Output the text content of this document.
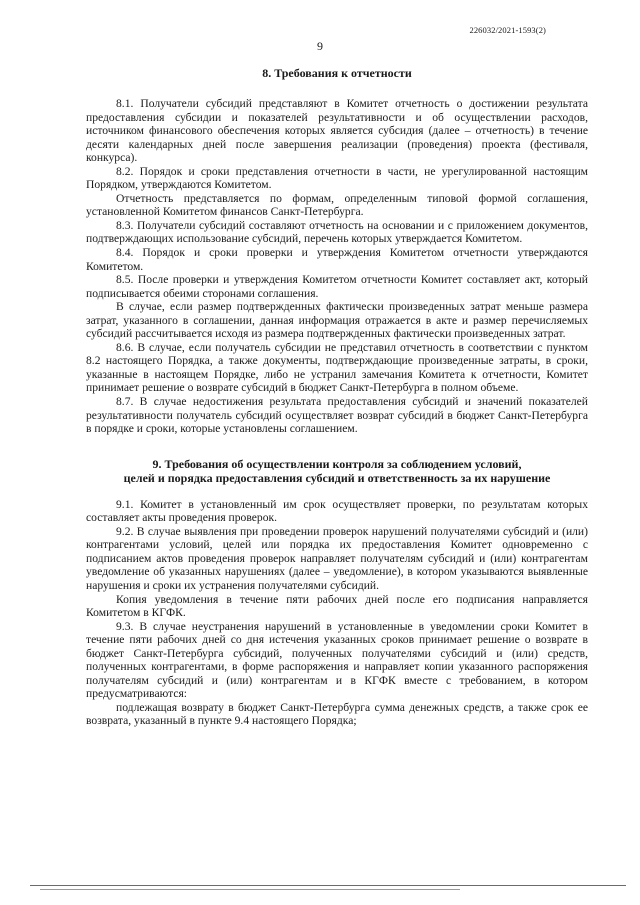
226032/2021-1593(2)
9
8. Требования к отчетности

8.1. Получатели субсидий представляют в Комитет отчетность о достижении результата предоставления субсидии и показателей результативности и об осуществлении расходов, источником финансового обеспечения которых является субсидия (далее – отчетность) в течение десяти календарных дней после завершения реализации (проведения) проекта (фестиваля, конкурса).

8.2. Порядок и сроки представления отчетности в части, не урегулированной настоящим Порядком, утверждаются Комитетом.

Отчетность представляется по формам, определенным типовой формой соглашения, установленной Комитетом финансов Санкт-Петербурга.

8.3. Получатели субсидий составляют отчетность на основании и с приложением документов, подтверждающих использование субсидий, перечень которых утверждается Комитетом.

8.4. Порядок и сроки проверки и утверждения Комитетом отчетности утверждаются Комитетом.

8.5. После проверки и утверждения Комитетом отчетности Комитет составляет акт, который подписывается обеими сторонами соглашения.

В случае, если размер подтвержденных фактически произведенных затрат меньше размера затрат, указанного в соглашении, данная информация отражается в акте и размер перечисляемых субсидий рассчитывается исходя из размера подтвержденных фактически произведенных затрат.

8.6. В случае, если получатель субсидии не представил отчетность в соответствии с пунктом 8.2 настоящего Порядка, а также документы, подтверждающие произведенные затраты, в сроки, указанные в настоящем Порядке, либо не устранил замечания Комитета к отчетности, Комитет принимает решение о возврате субсидий в бюджет Санкт-Петербурга в полном объеме.

8.7. В случае недостижения результата предоставления субсидий и значений показателей результативности получатель субсидий осуществляет возврат субсидий в бюджет Санкт-Петербурга в порядке и сроки, которые установлены соглашением.

9. Требования об осуществлении контроля за соблюдением условий,
целей и порядка предоставления субсидий и ответственность за их нарушение

9.1. Комитет в установленный им срок осуществляет проверки, по результатам которых составляет акты проведения проверок.

9.2. В случае выявления при проведении проверок нарушений получателями субсидий и (или) контрагентами условий, целей или порядка их предоставления Комитет одновременно с подписанием актов проведения проверок направляет получателям субсидий и (или) контрагентам уведомление об указанных нарушениях (далее – уведомление), в котором указываются выявленные нарушения и сроки их устранения получателями субсидий.

Копия уведомления в течение пяти рабочих дней после его подписания направляется Комитетом в КГФК.

9.3. В случае неустранения нарушений в установленные в уведомлении сроки Комитет в течение пяти рабочих дней со дня истечения указанных сроков принимает решение о возврате в бюджет Санкт-Петербурга субсидий, полученных получателями субсидий и (или) средств, полученных контрагентами, в форме распоряжения и направляет копии указанного распоряжения получателям субсидий и (или) контрагентам и в КГФК вместе с требованием, в котором предусматриваются:

подлежащая возврату в бюджет Санкт-Петербурга сумма денежных средств, а также срок ее возврата, указанный в пункте 9.4 настоящего Порядка;
